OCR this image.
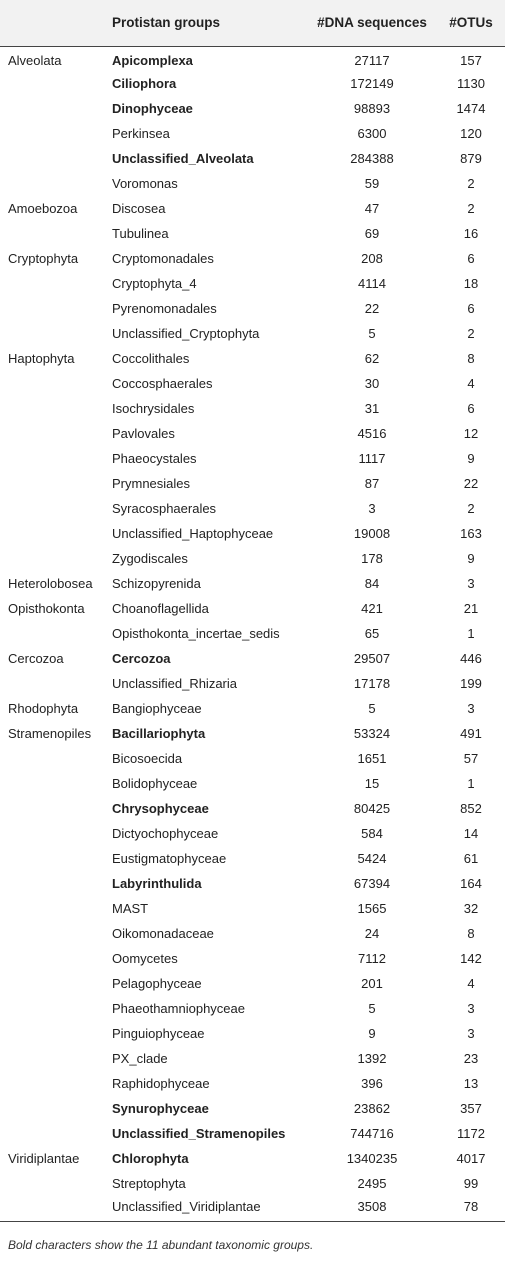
	Protistan groups	#DNA sequences	#OTUs
Alveolata	Apicomplexa	27117	157
	Ciliophora	172149	1130
	Dinophyceae	98893	1474
	Perkinsea	6300	120
	Unclassified_Alveolata	284388	879
	Voromonas	59	2
Amoebozoa	Discosea	47	2
	Tubulinea	69	16
Cryptophyta	Cryptomonadales	208	6
	Cryptophyta_4	4114	18
	Pyrenomonadales	22	6
	Unclassified_Cryptophyta	5	2
Haptophyta	Coccolithales	62	8
	Coccosphaerales	30	4
	Isochrysidales	31	6
	Pavlovales	4516	12
	Phaeocystales	1117	9
	Prymnesiales	87	22
	Syracosphaerales	3	2
	Unclassified_Haptophyceae	19008	163
	Zygodiscales	178	9
Heterolobosea	Schizopyrenida	84	3
Opisthokonta	Choanoflagellida	421	21
	Opisthokonta_incertae_sedis	65	1
Cercozoa	Cercozoa	29507	446
	Unclassified_Rhizaria	17178	199
Rhodophyta	Bangiophyceae	5	3
Stramenopiles	Bacillariophyta	53324	491
	Bicosoecida	1651	57
	Bolidophyceae	15	1
	Chrysophyceae	80425	852
	Dictyochophyceae	584	14
	Eustigmatophyceae	5424	61
	Labyrinthulida	67394	164
	MAST	1565	32
	Oikomonadaceae	24	8
	Oomycetes	7112	142
	Pelagophyceae	201	4
	Phaeothamniophyceae	5	3
	Pinguiophyceae	9	3
	PX_clade	1392	23
	Raphidophyceae	396	13
	Synurophyceae	23862	357
	Unclassified_Stramenopiles	744716	1172
Viridiplantae	Chlorophyta	1340235	4017
	Streptophyta	2495	99
	Unclassified_Viridiplantae	3508	78
Bold characters show the 11 abundant taxonomic groups.
